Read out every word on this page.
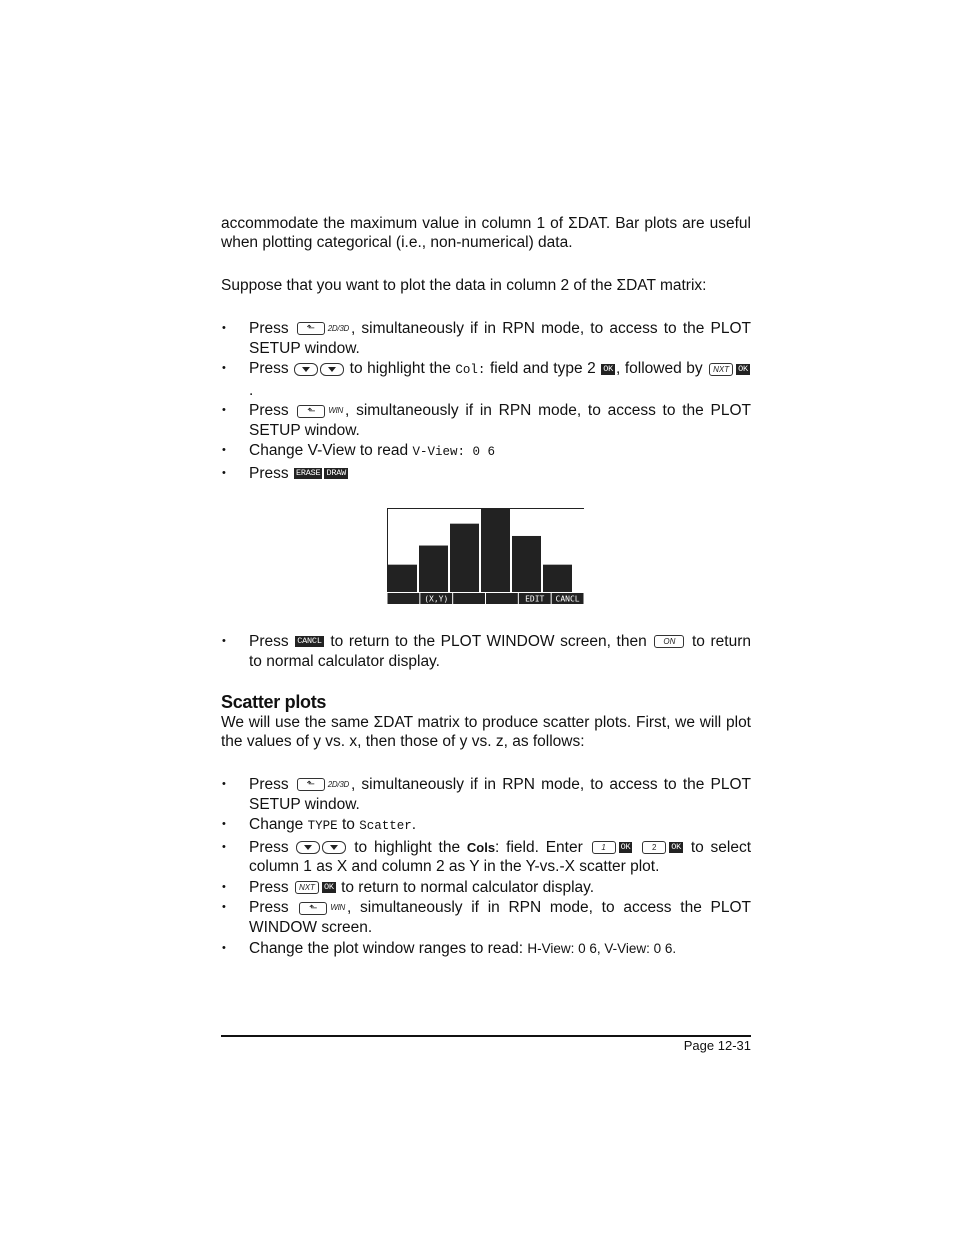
accommodate the maximum value in column 1 of ΣDAT. Bar plots are useful when plotting categorical (i.e., non-numerical) data.

Suppose that you want to plot the data in column 2 of the ΣDAT matrix:

• Press ⬑ 2D/3D , simultaneously if in RPN mode, to access to the PLOT SETUP window.
• Press	to highlight the Col: field and type 2 OK , followed by NXT OK.
• Press ⬑ WIN , simultaneously if in RPN mode, to access to the PLOT SETUP window.
• Change V-View to read V-View: 0 6
• Press ERASE DRAW
(X,Y)	EDIT CANCL
• Press CANCL to return to the PLOT WINDOW screen, then ON to return to normal calculator display.

Scatter plots

We will use the same ΣDAT matrix to produce scatter plots. First, we will plot the values of y vs. x, then those of y vs. z, as follows:

• Press ⬑ 2D/3D , simultaneously if in RPN mode, to access to the PLOT SETUP window.
• Change TYPE to Scatter.
• Press	to highlight the Cols: field. Enter 1 OK	2 OK to select column 1 as X and column 2 as Y in the Y-vs.-X scatter plot.
• Press NXT OK to return to normal calculator display.
• Press ⬑ WIN , simultaneously if in RPN mode, to access the PLOT WINDOW screen.
• Change the plot window ranges to read: H-View: 0 6, V-View: 0 6.
Page 12-31
